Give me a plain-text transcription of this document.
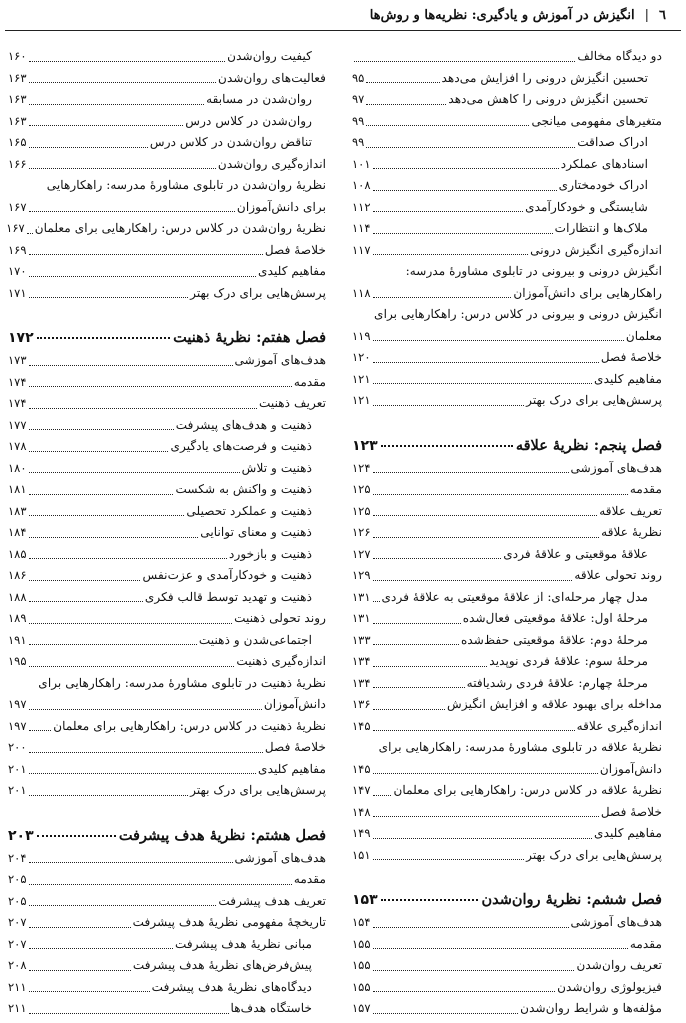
٦
|
انگیزش در آموزش و یادگیری: نظریه‌ها و روش‌ها
دو دیدگاه مخالف
تحسین انگیزش درونی را افزایش می‌دهد
۹۵
تحسین انگیزش درونی را کاهش می‌دهد
۹۷
متغیرهای مفهومی میانجی
۹۹
ادراک صداقت
۹۹
اسنادهای عملکرد
۱۰۱
ادراک خودمختاری
۱۰۸
شایستگی و خودکارآمدی
۱۱۲
ملاک‌ها و انتظارات
۱۱۴
اندازه‌گیری انگیزش درونی
۱۱۷
انگیزش درونی و بیرونی در تابلوی مشاورهٔ مدرسه:
راهکارهایی برای دانش‌آموزان
۱۱۸
انگیزش درونی و بیرونی در کلاس درس: راهکارهایی برای
معلمان
۱۱۹
خلاصهٔ فصل
۱۲۰
مفاهیم کلیدی
۱۲۱
پرسش‌هایی برای درک بهتر
۱۲۱
فصل پنجم: نظریهٔ علاقه
۱۲۳
هدف‌های آموزشی
۱۲۴
مقدمه
۱۲۵
تعریف علاقه
۱۲۵
نظریهٔ علاقه
۱۲۶
علاقهٔ موقعیتی و علاقهٔ فردی
۱۲۷
روند تحولی علاقه
۱۲۹
مدل چهار مرحله‌ای: از علاقهٔ موقعیتی به علاقهٔ فردی
۱۳۱
مرحلهٔ اول: علاقهٔ موقعیتی فعال‌شده
۱۳۱
مرحلهٔ دوم: علاقهٔ موقعیتی حفظ‌شده
۱۳۳
مرحلهٔ سوم: علاقهٔ فردی نوپدید
۱۳۴
مرحلهٔ چهارم: علاقهٔ فردی رشدیافته
۱۳۴
مداخله برای بهبود علاقه و افزایش انگیزش
۱۳۶
اندازه‌گیری علاقه
۱۴۵
نظریهٔ علاقه در تابلوی مشاورهٔ مدرسه: راهکارهایی برای
دانش‌آموزان
۱۴۵
نظریهٔ علاقه در کلاس درس: راهکارهایی برای معلمان
۱۴۷
خلاصهٔ فصل
۱۴۸
مفاهیم کلیدی
۱۴۹
پرسش‌هایی برای درک بهتر
۱۵۱
فصل ششم: نظریهٔ روان‌شدن
۱۵۳
هدف‌های آموزشی
۱۵۴
مقدمه
۱۵۵
تعریف روان‌شدن
۱۵۵
فیزیولوژی روان‌شدن
۱۵۵
مؤلفه‌ها و شرایط روان‌شدن
۱۵۷
کیفیت روان‌شدن
۱۶۰
فعالیت‌های روان‌شدن
۱۶۳
روان‌شدن در مسابقه
۱۶۳
روان‌شدن در کلاس درس
۱۶۳
تناقض روان‌شدن در کلاس درس
۱۶۵
اندازه‌گیری روان‌شدن
۱۶۶
نظریهٔ روان‌شدن در تابلوی مشاورهٔ مدرسه: راهکارهایی
برای دانش‌آموزان
۱۶۷
نظریهٔ روان‌شدن در کلاس درس: راهکارهایی برای معلمان
۱۶۷
خلاصهٔ فصل
۱۶۹
مفاهیم کلیدی
۱۷۰
پرسش‌هایی برای درک بهتر
۱۷۱
فصل هفتم: نظریهٔ ذهنیت
۱۷۲
هدف‌های آموزشی
۱۷۳
مقدمه
۱۷۴
تعریف ذهنیت
۱۷۴
ذهنیت و هدف‌های پیشرفت
۱۷۷
ذهنیت و فرصت‌های یادگیری
۱۷۸
ذهنیت و تلاش
۱۸۰
ذهنیت و واکنش به شکست
۱۸۱
ذهنیت و عملکرد تحصیلی
۱۸۳
ذهنیت و معنای توانایی
۱۸۴
ذهنیت و بازخورد
۱۸۵
ذهنیت و خودکارآمدی و عزت‌نفس
۱۸۶
ذهنیت و تهدید توسط قالب فکری
۱۸۸
روند تحولی ذهنیت
۱۸۹
اجتماعی‌شدن و ذهنیت
۱۹۱
اندازه‌گیری ذهنیت
۱۹۵
نظریهٔ ذهنیت در تابلوی مشاورهٔ مدرسه: راهکارهایی برای
دانش‌آموزان
۱۹۷
نظریهٔ ذهنیت در کلاس درس: راهکارهایی برای معلمان
۱۹۷
خلاصهٔ فصل
۲۰۰
مفاهیم کلیدی
۲۰۱
پرسش‌هایی برای درک بهتر
۲۰۱
فصل هشتم: نظریهٔ هدف پیشرفت
۲۰۳
هدف‌های آموزشی
۲۰۴
مقدمه
۲۰۵
تعریف هدف پیشرفت
۲۰۵
تاریخچهٔ مفهومی نظریهٔ هدف پیشرفت
۲۰۷
مبانی نظریهٔ هدف پیشرفت
۲۰۷
پیش‌فرض‌های نظریهٔ هدف پیشرفت
۲۰۸
دیدگاه‌های نظریهٔ هدف پیشرفت
۲۱۱
خاستگاه هدف‌ها
۲۱۱
